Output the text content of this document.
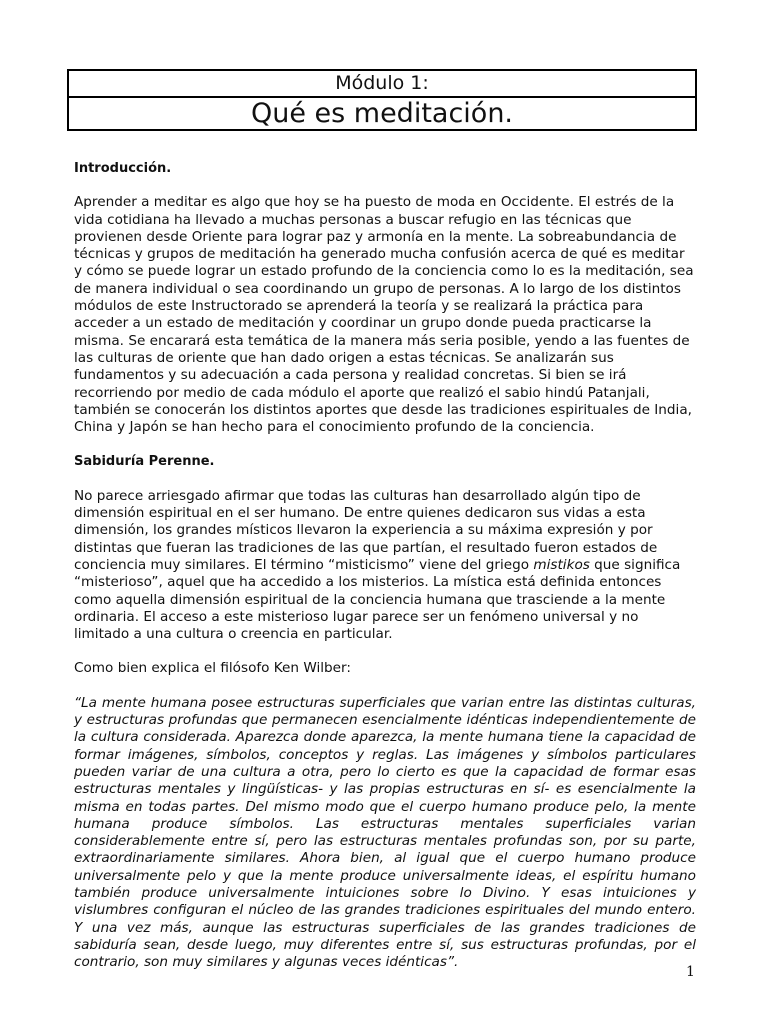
Módulo 1:
Qué es meditación.

Introducción.

Aprender a meditar es algo que hoy se ha puesto de moda en Occidente. El estrés de la vida cotidiana ha llevado a muchas personas a buscar refugio en las técnicas que provienen desde Oriente para lograr paz y armonía en la mente. La sobreabundancia de técnicas y grupos de meditación ha generado mucha confusión acerca de qué es meditar y cómo se puede lograr un estado profundo de la conciencia como lo es la meditación, sea de manera individual o sea coordinando un grupo de personas. A lo largo de los distintos módulos de este Instructorado se aprenderá la teoría y se realizará la práctica para acceder a un estado de meditación y coordinar un grupo donde pueda practicarse la misma. Se encarará esta temática de la manera más seria posible, yendo a las fuentes de las culturas de oriente que han dado origen a estas técnicas. Se analizarán sus fundamentos y su adecuación a cada persona y realidad concretas. Si bien se irá recorriendo por medio de cada módulo el aporte que realizó el sabio hindú Patanjali, también se conocerán los distintos aportes que desde las tradiciones espirituales de India, China y Japón se han hecho para el conocimiento profundo de la conciencia.

Sabiduría Perenne.

No parece arriesgado afirmar que todas las culturas han desarrollado algún tipo de dimensión espiritual en el ser humano. De entre quienes dedicaron sus vidas a esta dimensión, los grandes místicos llevaron la experiencia a su máxima expresión y por distintas que fueran las tradiciones de las que partían, el resultado fueron estados de conciencia muy similares. El término “misticismo” viene del griego mistikos que significa “misterioso”, aquel que ha accedido a los misterios. La mística está definida entonces como aquella dimensión espiritual de la conciencia humana que trasciende a la mente ordinaria. El acceso a este misterioso lugar parece ser un fenómeno universal y no limitado a una cultura o creencia en particular.

Como bien explica el filósofo Ken Wilber:

“La mente humana posee estructuras superficiales que varian entre las distintas culturas, y estructuras profundas que permanecen esencialmente idénticas independientemente de la cultura considerada. Aparezca donde aparezca, la mente humana tiene la capacidad de formar imágenes, símbolos, conceptos y reglas. Las imágenes y símbolos particulares pueden variar de una cultura a otra, pero lo cierto es que la capacidad de formar esas estructuras mentales y lingüísticas- y las propias estructuras en sí- es esencialmente la misma en todas partes. Del mismo modo que el cuerpo humano produce pelo, la mente humana produce símbolos. Las estructuras mentales superficiales varian considerablemente entre sí, pero las estructuras mentales profundas son, por su parte, extraordinariamente similares. Ahora bien, al igual que el cuerpo humano produce universalmente pelo y que la mente produce universalmente ideas, el espíritu humano también produce universalmente intuiciones sobre lo Divino. Y esas intuiciones y vislumbres configuran el núcleo de las grandes tradiciones espirituales del mundo entero. Y una vez más, aunque las estructuras superficiales de las grandes tradiciones de sabiduría sean, desde luego, muy diferentes entre sí, sus estructuras profundas, por el contrario, son muy similares y algunas veces idénticas”.

1
